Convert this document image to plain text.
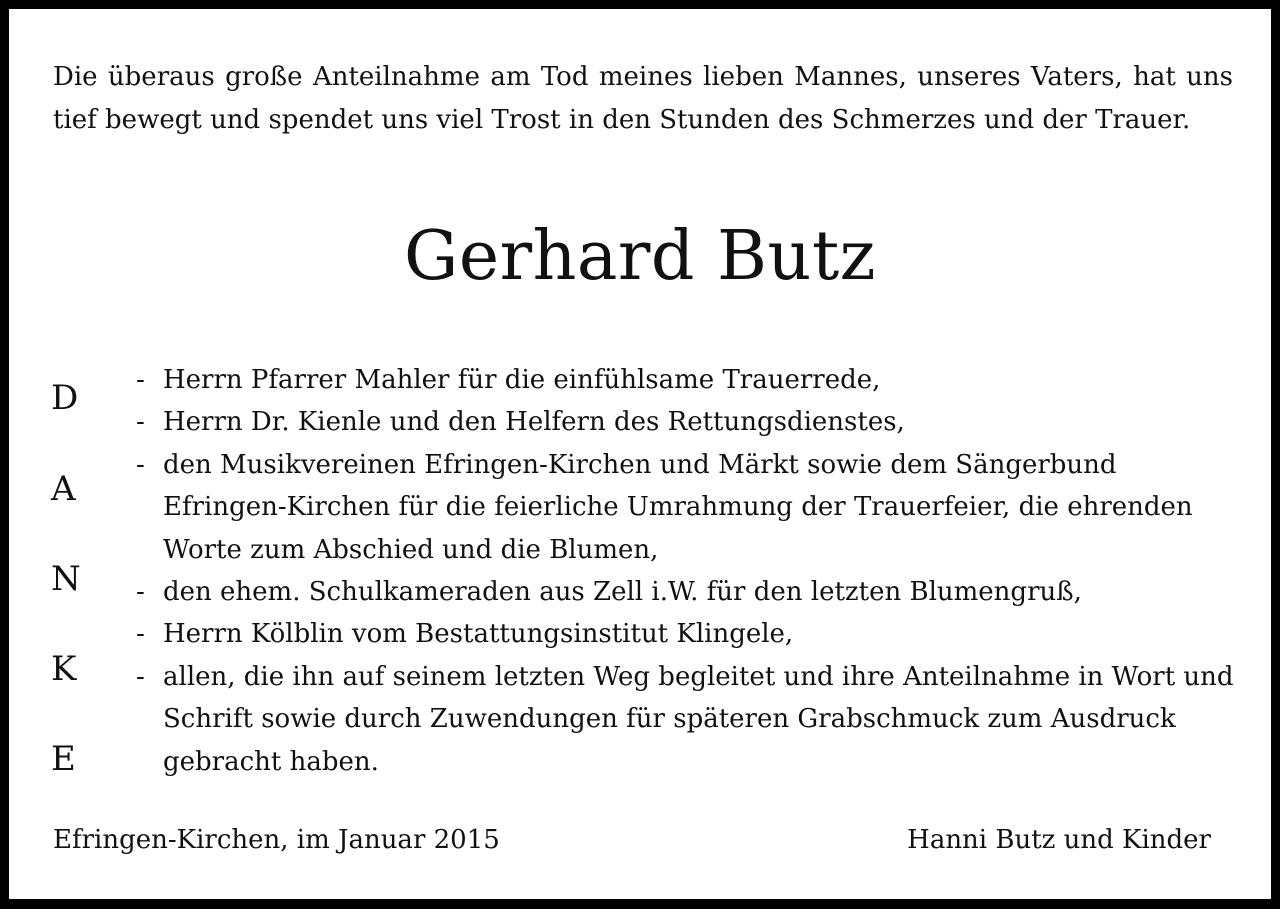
Die überaus große Anteilnahme am Tod meines lieben Mannes, unseres Vaters, hat uns tief bewegt und spendet uns viel Trost in den Stunden des Schmerzes und der Trauer.

Gerhard Butz
D
A
N
K
E
- Herrn Pfarrer Mahler für die einfühlsame Trauerrede,
- Herrn Dr. Kienle und den Helfern des Rettungsdienstes,
- den Musikvereinen Efringen-Kirchen und Märkt sowie dem Sängerbund Efringen-Kirchen für die feierliche Umrahmung der Trauerfeier, die ehrenden Worte zum Abschied und die Blumen,
- den ehem. Schulkameraden aus Zell i.W. für den letzten Blumengruß,
- Herrn Kölblin vom Bestattungsinstitut Klingele,
- allen, die ihn auf seinem letzten Weg begleitet und ihre Anteilnahme in Wort und Schrift sowie durch Zuwendungen für späteren Grabschmuck zum Ausdruck gebracht haben.
Efringen-Kirchen, im Januar 2015	Hanni Butz und Kinder
